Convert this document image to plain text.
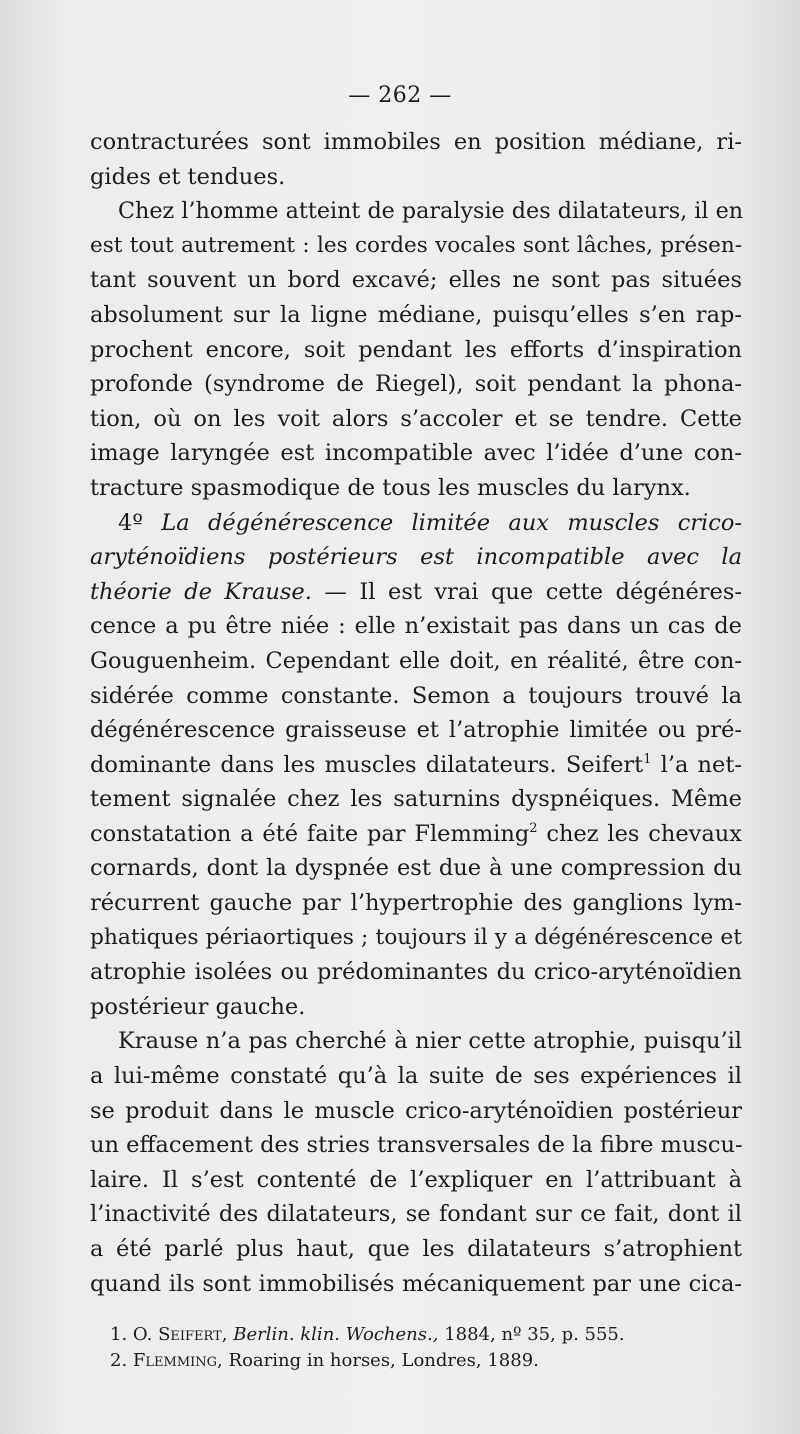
— 262 —
contracturées sont immobiles en position médiane, ri-
gides et tendues.
Chez l’homme atteint de paralysie des dilatateurs, il en
est tout autrement : les cordes vocales sont lâches, présen-
tant souvent un bord excavé; elles ne sont pas situées
absolument sur la ligne médiane, puisqu’elles s’en rap-
prochent encore, soit pendant les efforts d’inspiration
profonde (syndrome de Riegel), soit pendant la phona-
tion, où on les voit alors s’accoler et se tendre. Cette
image laryngée est incompatible avec l’idée d’une con-
tracture spasmodique de tous les muscles du larynx.
4º La dégénérescence limitée aux muscles crico-
aryténoïdiens postérieurs est incompatible avec la
théorie de Krause. — Il est vrai que cette dégénéres-
cence a pu être niée : elle n’existait pas dans un cas de
Gouguenheim. Cependant elle doit, en réalité, être con-
sidérée comme constante. Semon a toujours trouvé la
dégénérescence graisseuse et l’atrophie limitée ou pré-
dominante dans les muscles dilatateurs. Seifert$^1$ l’a net-
tement signalée chez les saturnins dyspnéiques. Même
constatation a été faite par Flemming$^2$ chez les chevaux
cornards, dont la dyspnée est due à une compression du
récurrent gauche par l’hypertrophie des ganglions lym-
phatiques périaortiques ; toujours il y a dégénérescence et
atrophie isolées ou prédominantes du crico-aryténoïdien
postérieur gauche.
Krause n’a pas cherché à nier cette atrophie, puisqu’il
a lui-même constaté qu’à la suite de ses expériences il
se produit dans le muscle crico-aryténoïdien postérieur
un effacement des stries transversales de la fibre muscu-
laire. Il s’est contenté de l’expliquer en l’attribuant à
l’inactivité des dilatateurs, se fondant sur ce fait, dont il
a été parlé plus haut, que les dilatateurs s’atrophient
quand ils sont immobilisés mécaniquement par une cica-
1. O. Seifert, Berlin. klin. Wochens., 1884, nº 35, p. 555.
2. Flemming, Roaring in horses, Londres, 1889.
